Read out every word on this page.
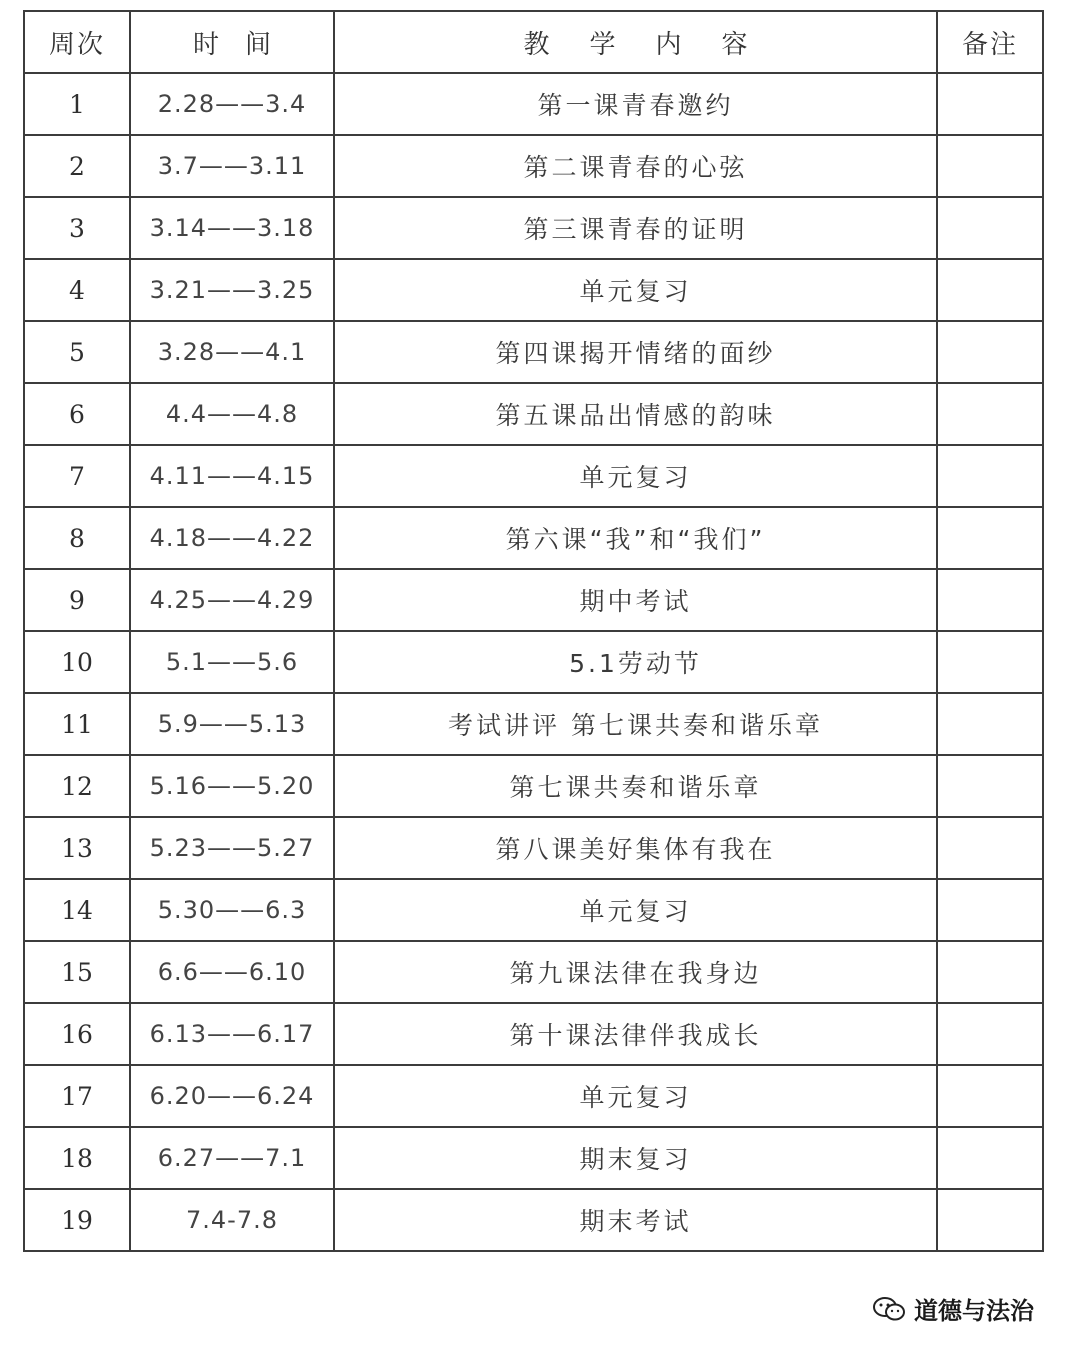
周次	时间	教学内容	备注
1	2.28——3.4	第一课青春邀约	
2	3.7——3.11	第二课青春的心弦	
3	3.14——3.18	第三课青春的证明	
4	3.21——3.25	单元复习	
5	3.28——4.1	第四课揭开情绪的面纱	
6	4.4——4.8	第五课品出情感的韵味	
7	4.11——4.15	单元复习	
8	4.18——4.22	第六课“我”和“我们”	
9	4.25——4.29	期中考试	
10	5.1——5.6	5.1劳动节	
11	5.9——5.13	考试讲评 第七课共奏和谐乐章	
12	5.16——5.20	第七课共奏和谐乐章	
13	5.23——5.27	第八课美好集体有我在	
14	5.30——6.3	单元复习	
15	6.6——6.10	第九课法律在我身边	
16	6.13——6.17	第十课法律伴我成长	
17	6.20——6.24	单元复习	
18	6.27——7.1	期末复习	
19	7.4-7.8	期末考试	
道德与法治
